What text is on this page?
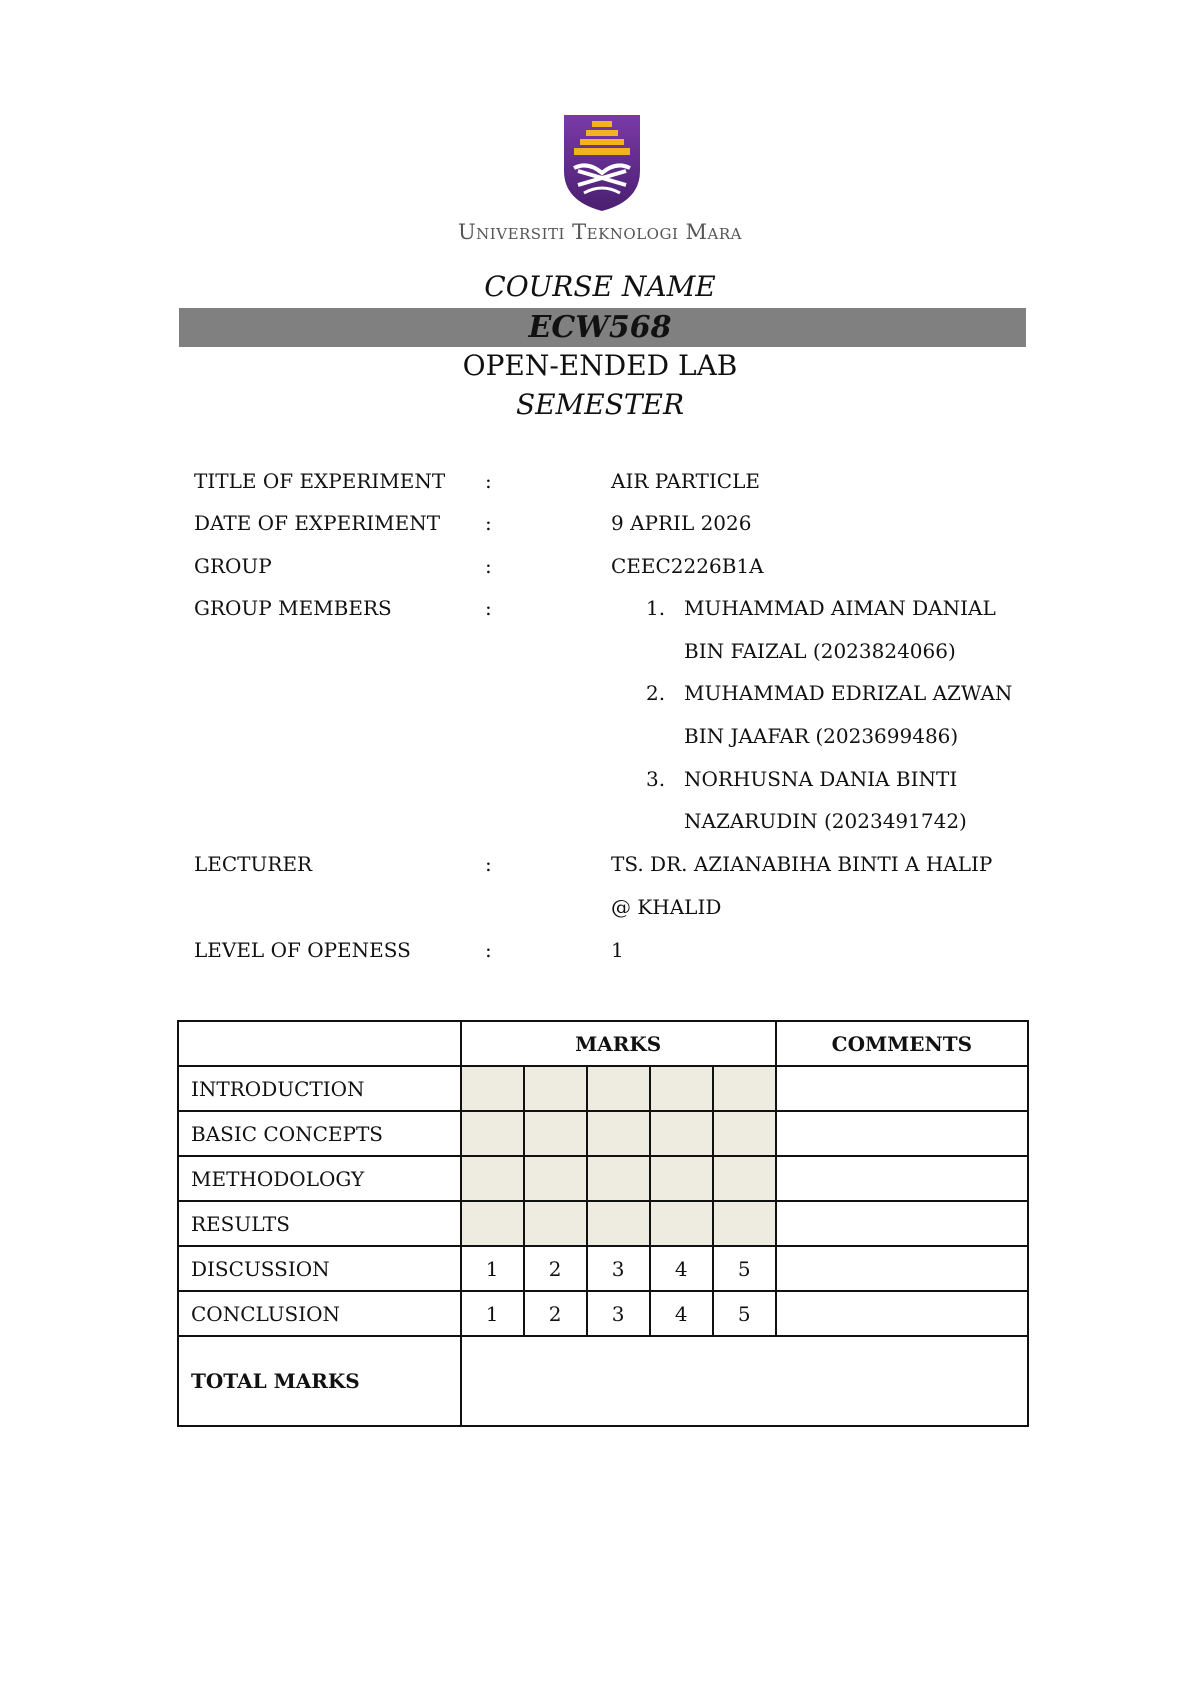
Universiti Teknologi Mara
COURSE NAME
ECW568
OPEN-ENDED LAB
SEMESTER
TITLE OF EXPERIMENT :	AIR PARTICLE
DATE OF EXPERIMENT :	9 APRIL 2026
GROUP	:	CEEC2226B1A
GROUP MEMBERS	:	1. MUHAMMAD AIMAN DANIAL
BIN FAIZAL (2023824066)
2. MUHAMMAD EDRIZAL AZWAN
BIN JAAFAR (2023699486)
3. NORHUSNA DANIA BINTI
NAZARUDIN (2023491742)
LECTURER	:	TS. DR. AZIANABIHA BINTI A HALIP
@ KHALID
LEVEL OF OPENESS	:	1
	MARKS					COMMENTS
INTRODUCTION						
BASIC CONCEPTS						
METHODOLOGY						
RESULTS						
DISCUSSION	1	2	3	4	5	
CONCLUSION	1	2	3	4	5	
TOTAL MARKS						
